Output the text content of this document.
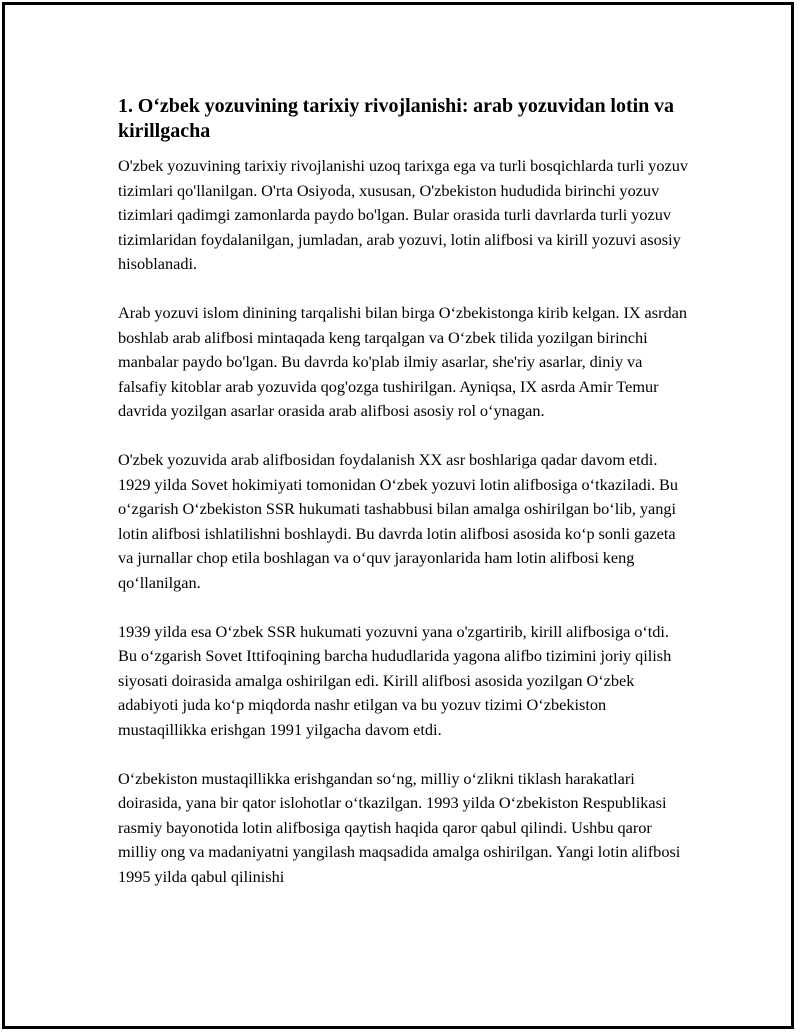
1. O‘zbek yozuvining tarixiy rivojlanishi: arab yozuvidan lotin va kirillgacha

O'zbek yozuvining tarixiy rivojlanishi uzoq tarixga ega va turli bosqichlarda turli yozuv tizimlari qo'llanilgan. O'rta Osiyoda, xususan, O'zbekiston hududida birinchi yozuv tizimlari qadimgi zamonlarda paydo bo'lgan. Bular orasida turli davrlarda turli yozuv tizimlaridan foydalanilgan, jumladan, arab yozuvi, lotin alifbosi va kirill yozuvi asosiy hisoblanadi.

Arab yozuvi islom dinining tarqalishi bilan birga O‘zbekistonga kirib kelgan. IX asrdan boshlab arab alifbosi mintaqada keng tarqalgan va O‘zbek tilida yozilgan birinchi manbalar paydo bo'lgan. Bu davrda ko'plab ilmiy asarlar, she'riy asarlar, diniy va falsafiy kitoblar arab yozuvida qog'ozga tushirilgan. Ayniqsa, IX asrda Amir Temur davrida yozilgan asarlar orasida arab alifbosi asosiy rol o‘ynagan.

O'zbek yozuvida arab alifbosidan foydalanish XX asr boshlariga qadar davom etdi. 1929 yilda Sovet hokimiyati tomonidan O‘zbek yozuvi lotin alifbosiga o‘tkaziladi. Bu o‘zgarish O‘zbekiston SSR hukumati tashabbusi bilan amalga oshirilgan bo‘lib, yangi lotin alifbosi ishlatilishni boshlaydi. Bu davrda lotin alifbosi asosida ko‘p sonli gazeta va jurnallar chop etila boshlagan va o‘quv jarayonlarida ham lotin alifbosi keng qo‘llanilgan.

1939 yilda esa O‘zbek SSR hukumati yozuvni yana o'zgartirib, kirill alifbosiga o‘tdi. Bu o‘zgarish Sovet Ittifoqining barcha hududlarida yagona alifbo tizimini joriy qilish siyosati doirasida amalga oshirilgan edi. Kirill alifbosi asosida yozilgan O‘zbek adabiyoti juda ko‘p miqdorda nashr etilgan va bu yozuv tizimi O‘zbekiston mustaqillikka erishgan 1991 yilgacha davom etdi.

O‘zbekiston mustaqillikka erishgandan so‘ng, milliy o‘zlikni tiklash harakatlari doirasida, yana bir qator islohotlar o‘tkazilgan. 1993 yilda O‘zbekiston Respublikasi rasmiy bayonotida lotin alifbosiga qaytish haqida qaror qabul qilindi. Ushbu qaror milliy ong va madaniyatni yangilash maqsadida amalga oshirilgan. Yangi lotin alifbosi 1995 yilda qabul qilinishi
